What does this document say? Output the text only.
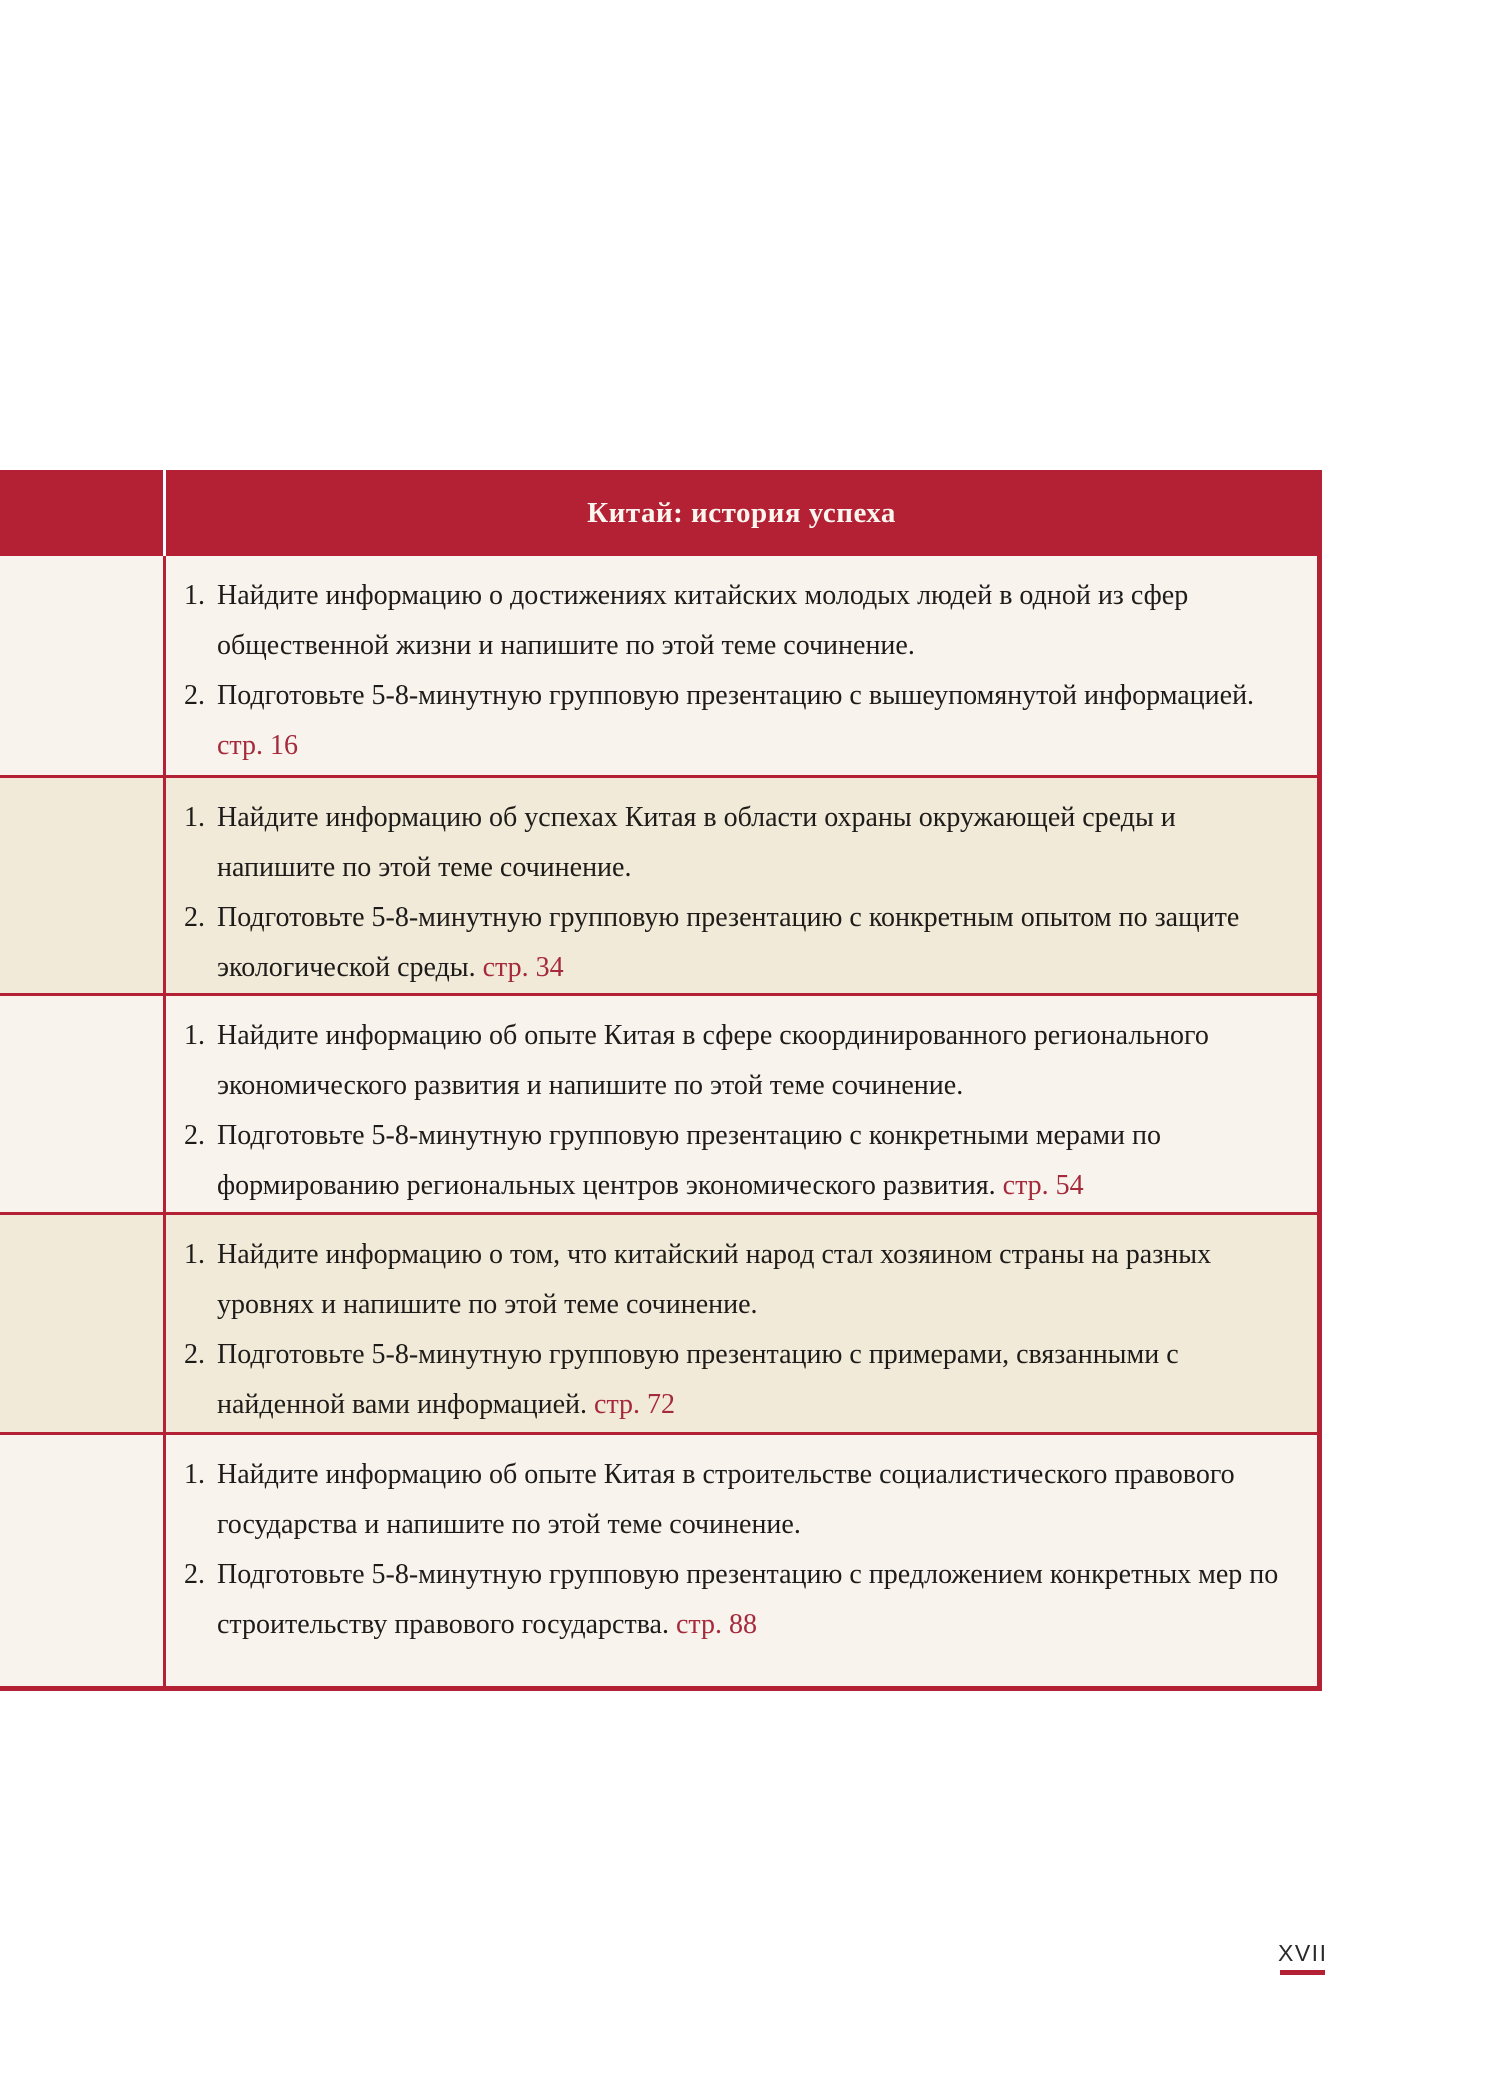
Китай: история успеха
1. Найдите информацию о достижениях китайских молодых людей в одной из сфер общественной жизни и напишите по этой теме сочинение.
2. Подготовьте 5-8-минутную групповую презентацию с вышеупомянутой информацией. стр. 16
1. Найдите информацию об успехах Китая в области охраны окружающей среды и напишите по этой теме сочинение.
2. Подготовьте 5-8-минутную групповую презентацию с конкретным опытом по защите экологической среды. стр. 34
1. Найдите информацию об опыте Китая в сфере скоординированного регионального экономического развития и напишите по этой теме сочинение.
2. Подготовьте 5-8-минутную групповую презентацию с конкретными мерами по формированию региональных центров экономического развития. стр. 54
1. Найдите информацию о том, что китайский народ стал хозяином страны на разных уровнях и напишите по этой теме сочинение.
2. Подготовьте 5-8-минутную групповую презентацию с примерами, связанными с найденной вами информацией. стр. 72
1. Найдите информацию об опыте Китая в строительстве социалистического правового государства и напишите по этой теме сочинение.
2. Подготовьте 5-8-минутную групповую презентацию с предложением конкретных мер по строительству правового государства. стр. 88
XVII
